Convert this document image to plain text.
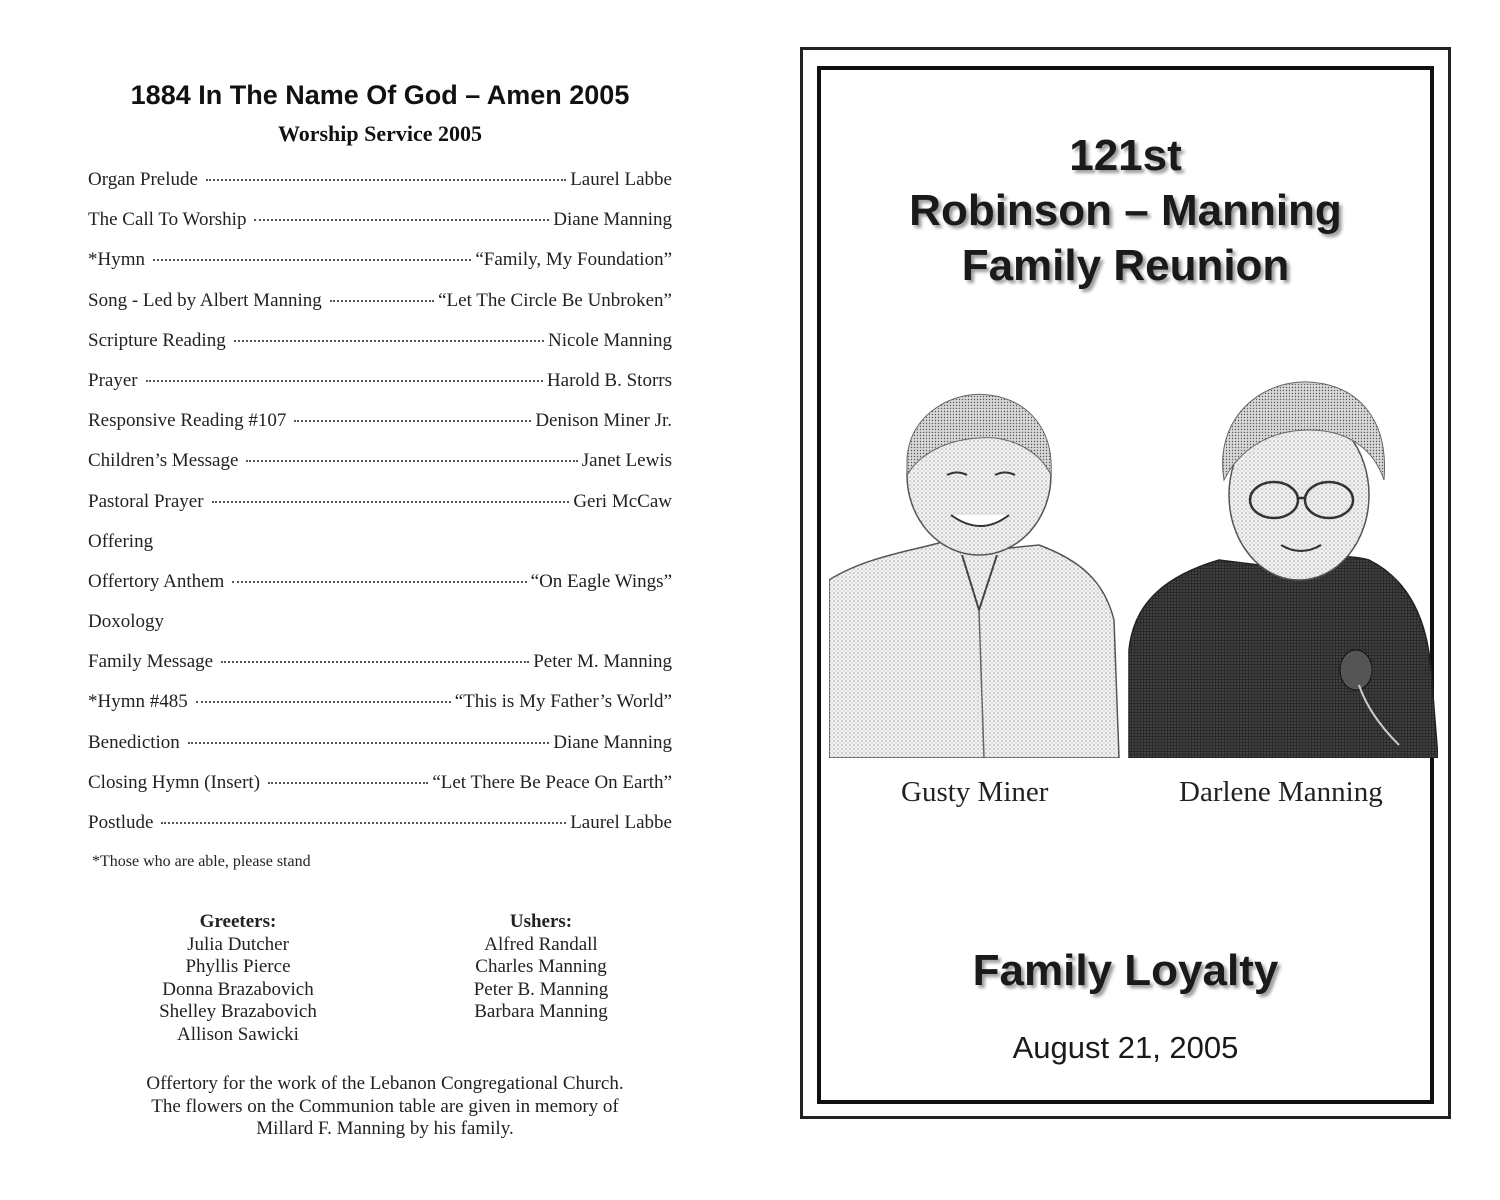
1884 In The Name Of God – Amen 2005
Worship Service 2005
Organ Prelude	Laurel Labbe
The Call To Worship	Diane Manning
*Hymn	“Family, My Foundation”
Song - Led by Albert Manning	“Let The Circle Be Unbroken”
Scripture Reading	Nicole Manning
Prayer	Harold B. Storrs
Responsive Reading #107	Denison Miner Jr.
Children’s Message	Janet Lewis
Pastoral Prayer	Geri McCaw
Offering
Offertory Anthem	“On Eagle Wings”
Doxology
Family Message	Peter M. Manning
*Hymn #485	“This is My Father’s World”
Benediction	Diane Manning
Closing Hymn (Insert)	“Let There Be Peace On Earth”
Postlude	Laurel Labbe
*Those who are able, please stand
Greeters:
Julia Dutcher
Phyllis Pierce
Donna Brazabovich
Shelley Brazabovich
Allison Sawicki
Ushers:
Alfred Randall
Charles Manning
Peter B. Manning
Barbara Manning
Offertory for the work of the Lebanon Congregational Church.
The flowers on the Communion table are given in memory of
Millard F. Manning by his family.
121st
Robinson – Manning
Family Reunion
Gusty Miner	Darlene Manning
Family Loyalty
August 21, 2005
